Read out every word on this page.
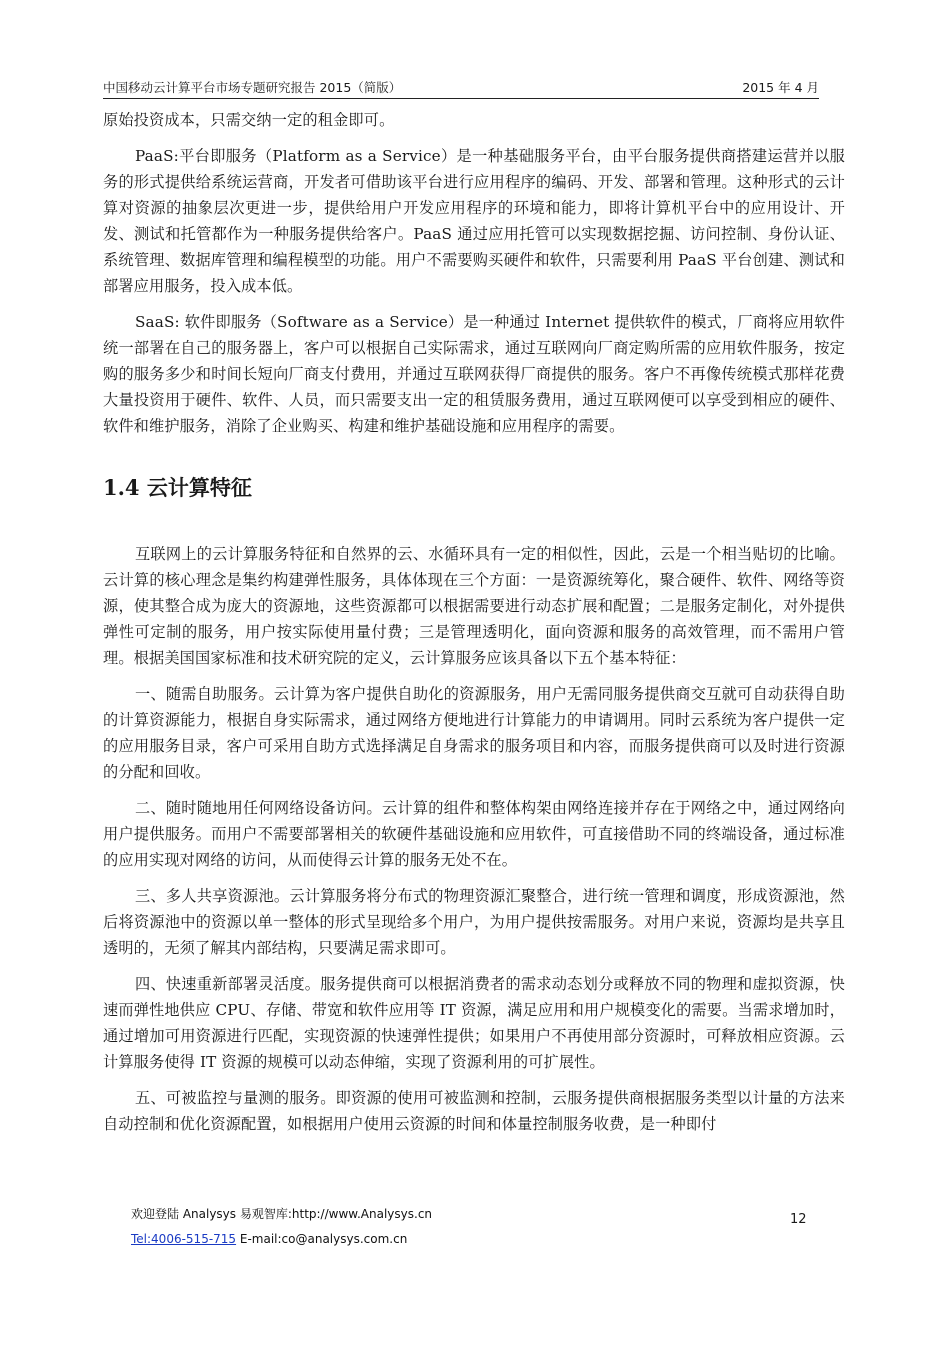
中国移动云计算平台市场专题研究报告 2015（简版）	2015 年 4 月

原始投资成本，只需交纳一定的租金即可。

PaaS:平台即服务（Platform as a Service）是一种基础服务平台，由平台服务提供商搭建运营并以服务的形式提供给系统运营商，开发者可借助该平台进行应用程序的编码、开发、部署和管理。这种形式的云计算对资源的抽象层次更进一步，提供给用户开发应用程序的环境和能力，即将计算机平台中的应用设计、开发、测试和托管都作为一种服务提供给客户。PaaS 通过应用托管可以实现数据挖掘、访问控制、身份认证、系统管理、数据库管理和编程模型的功能。用户不需要购买硬件和软件，只需要利用 PaaS 平台创建、测试和部署应用服务，投入成本低。

SaaS: 软件即服务（Software as a Service）是一种通过 Internet 提供软件的模式，厂商将应用软件统一部署在自己的服务器上，客户可以根据自己实际需求，通过互联网向厂商定购所需的应用软件服务，按定购的服务多少和时间长短向厂商支付费用，并通过互联网获得厂商提供的服务。客户不再像传统模式那样花费大量投资用于硬件、软件、人员，而只需要支出一定的租赁服务费用，通过互联网便可以享受到相应的硬件、软件和维护服务，消除了企业购买、构建和维护基础设施和应用程序的需要。

1.4 云计算特征

互联网上的云计算服务特征和自然界的云、水循环具有一定的相似性，因此，云是一个相当贴切的比喻。云计算的核心理念是集约构建弹性服务，具体体现在三个方面：一是资源统筹化，聚合硬件、软件、网络等资源，使其整合成为庞大的资源地，这些资源都可以根据需要进行动态扩展和配置；二是服务定制化，对外提供弹性可定制的服务，用户按实际使用量付费；三是管理透明化，面向资源和服务的高效管理，而不需用户管理。根据美国国家标准和技术研究院的定义，云计算服务应该具备以下五个基本特征：

一、随需自助服务。云计算为客户提供自助化的资源服务，用户无需同服务提供商交互就可自动获得自助的计算资源能力，根据自身实际需求，通过网络方便地进行计算能力的申请调用。同时云系统为客户提供一定的应用服务目录，客户可采用自助方式选择满足自身需求的服务项目和内容，而服务提供商可以及时进行资源的分配和回收。

二、随时随地用任何网络设备访问。云计算的组件和整体构架由网络连接并存在于网络之中，通过网络向用户提供服务。而用户不需要部署相关的软硬件基础设施和应用软件，可直接借助不同的终端设备，通过标准的应用实现对网络的访问，从而使得云计算的服务无处不在。

三、多人共享资源池。云计算服务将分布式的物理资源汇聚整合，进行统一管理和调度，形成资源池，然后将资源池中的资源以单一整体的形式呈现给多个用户，为用户提供按需服务。对用户来说，资源均是共享且透明的，无须了解其内部结构，只要满足需求即可。

四、快速重新部署灵活度。服务提供商可以根据消费者的需求动态划分或释放不同的物理和虚拟资源，快速而弹性地供应 CPU、存储、带宽和软件应用等 IT 资源，满足应用和用户规模变化的需要。当需求增加时，通过增加可用资源进行匹配，实现资源的快速弹性提供；如果用户不再使用部分资源时，可释放相应资源。云计算服务使得 IT 资源的规模可以动态伸缩，实现了资源利用的可扩展性。

五、可被监控与量测的服务。即资源的使用可被监测和控制，云服务提供商根据服务类型以计量的方法来自动控制和优化资源配置，如根据用户使用云资源的时间和体量控制服务收费，是一种即付

欢迎登陆 Analysys 易观智库:http://www.Analysys.cn
Tel:4006-515-715 E-mail:co@analysys.com.cn
12
